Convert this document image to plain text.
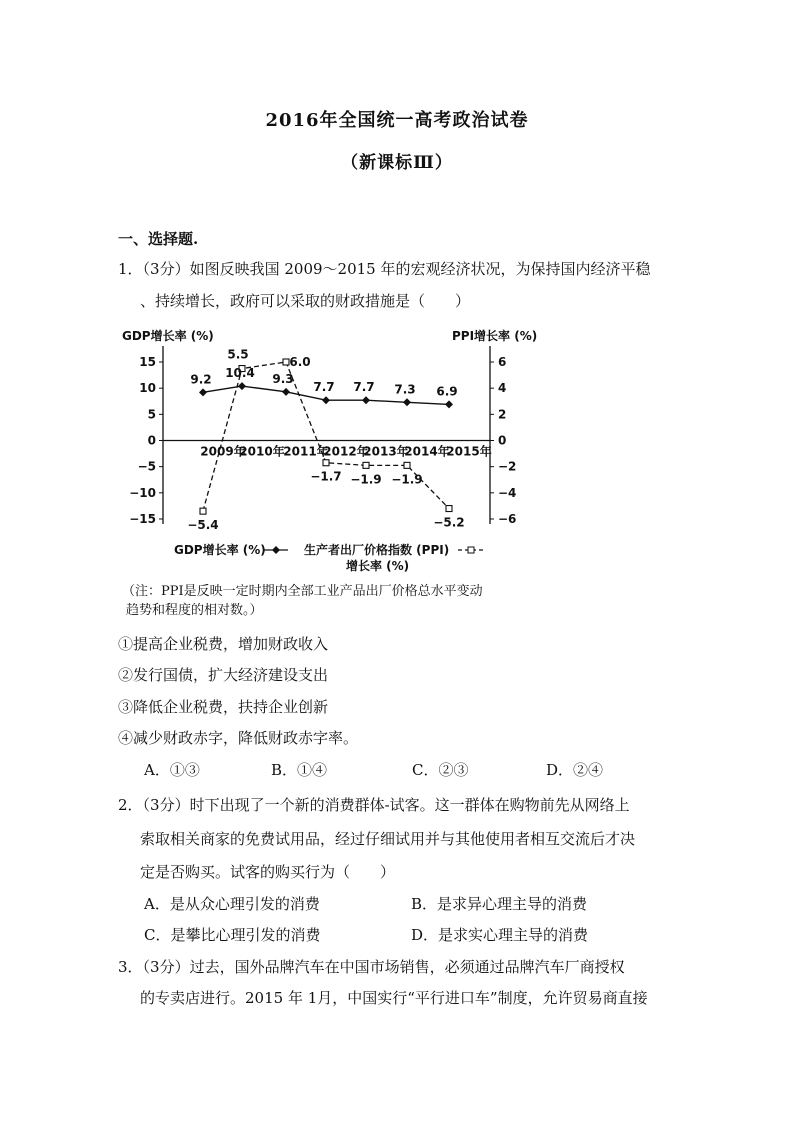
2016年全国统一高考政治试卷
（新课标Ⅲ）
一、选择题.
1．（3分）如图反映我国 2009～2015 年的宏观经济状况，为保持国内经济平稳
、持续增长，政府可以采取的财政措施是（　　）
GDP增长率 (%)	PPI增长率 (%)
15
10
5
0
−5
−10
−15
6
4
2
0
−2
−4
−6
2009年
2010年
2011年
2012年
2013年
2014年
2015年
9.2 10.4 9.3
7.7 7.7 7.3 6.9
−5.4
5.5
6.0
−1.7 −1.9 −1.9
−5.2
GDP增长率 (%)	生产者出厂价格指数 (PPI)
增长率 (%)
（注：PPI是反映一定时期内全部工业产品出厂价格总水平变动
趋势和程度的相对数。）
①提高企业税费，增加财政收入
②发行国债，扩大经济建设支出
③降低企业税费，扶持企业创新
④减少财政赤字，降低财政赤字率。
A．①③	B．①④	C．②③	D．②④
2．（3分）时下出现了一个新的消费群体-试客。这一群体在购物前先从网络上
索取相关商家的免费试用品，经过仔细试用并与其他使用者相互交流后才决
定是否购买。试客的购买行为（　　）
A．是从众心理引发的消费	B．是求异心理主导的消费
C．是攀比心理引发的消费	D．是求实心理主导的消费
3．（3分）过去，国外品牌汽车在中国市场销售，必须通过品牌汽车厂商授权
的专卖店进行。2015 年 1月，中国实行“平行进口车”制度，允许贸易商直接
